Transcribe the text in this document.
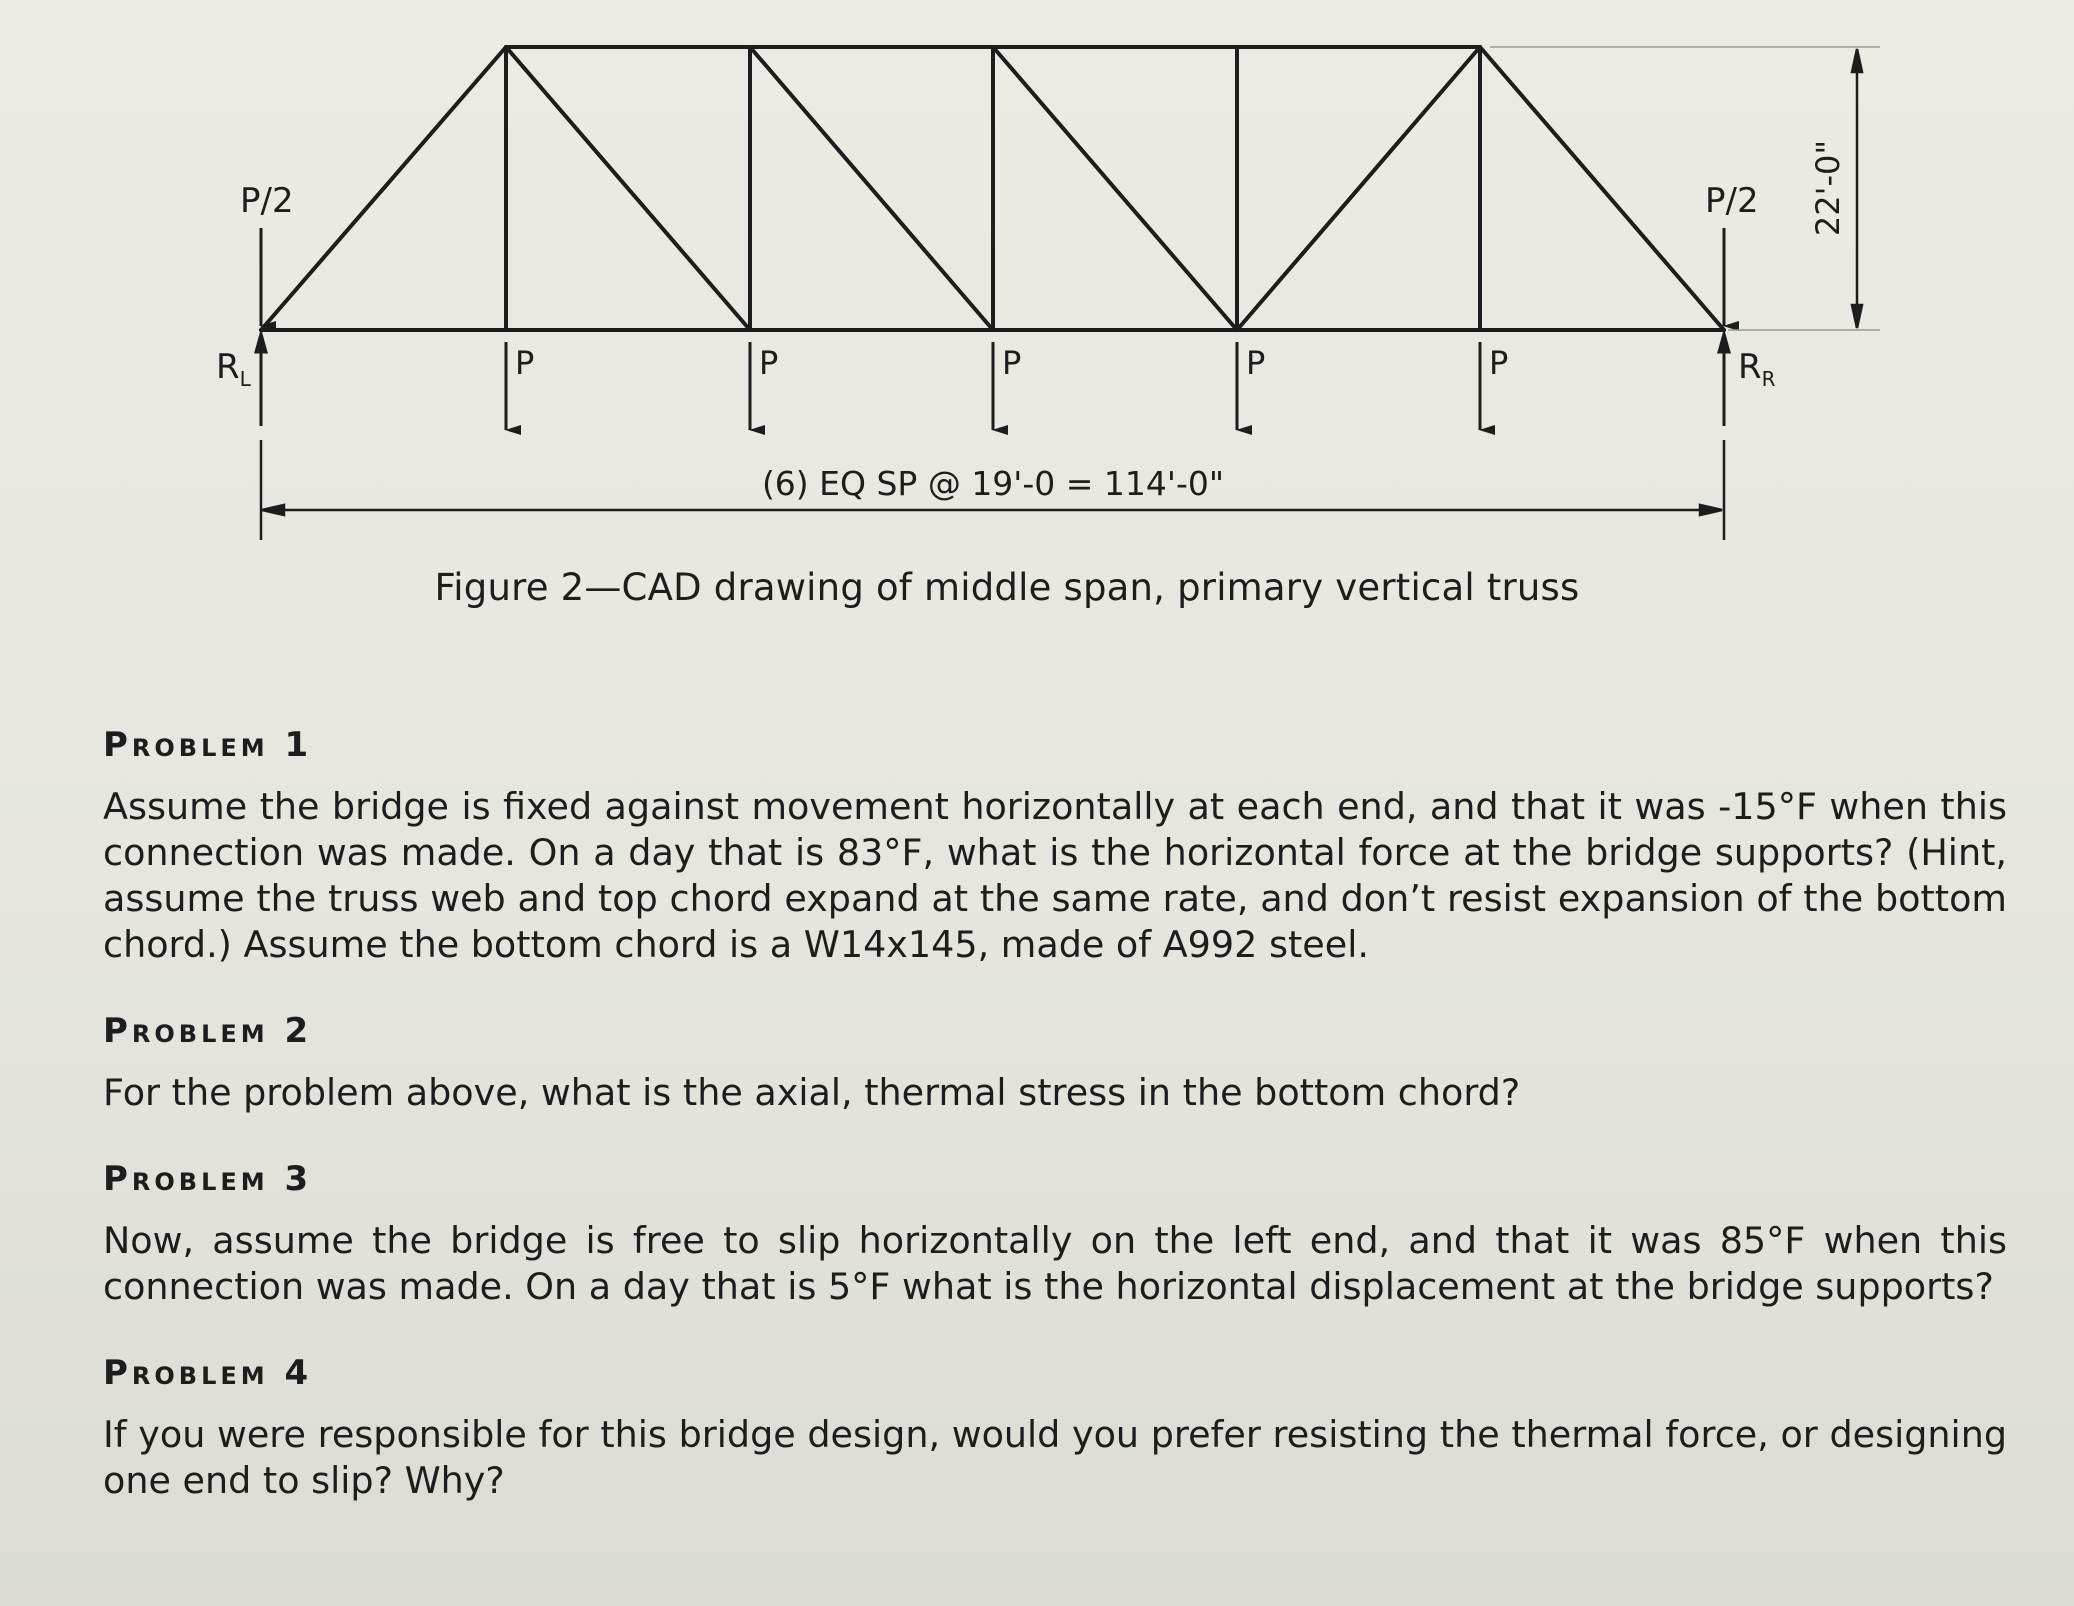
P/2	P/2
$R_L$	$R_R$
P	P	P	P	P
(6) EQ SP @ 19'-0 = 114'-0"
22'-0"
Figure 2—CAD drawing of middle span, primary vertical truss
Problem 1

Assume the bridge is fixed against movement horizontally at each end, and that it was -15°F when this connection was made. On a day that is 83°F, what is the horizontal force at the bridge supports? (Hint, assume the truss web and top chord expand at the same rate, and don’t resist expansion of the bottom chord.) Assume the bottom chord is a W14x145, made of A992 steel.

Problem 2

For the problem above, what is the axial, thermal stress in the bottom chord?

Problem 3

Now, assume the bridge is free to slip horizontally on the left end, and that it was 85°F when this connection was made. On a day that is 5°F what is the horizontal displacement at the bridge supports?

Problem 4

If you were responsible for this bridge design, would you prefer resisting the thermal force, or designing one end to slip? Why?
